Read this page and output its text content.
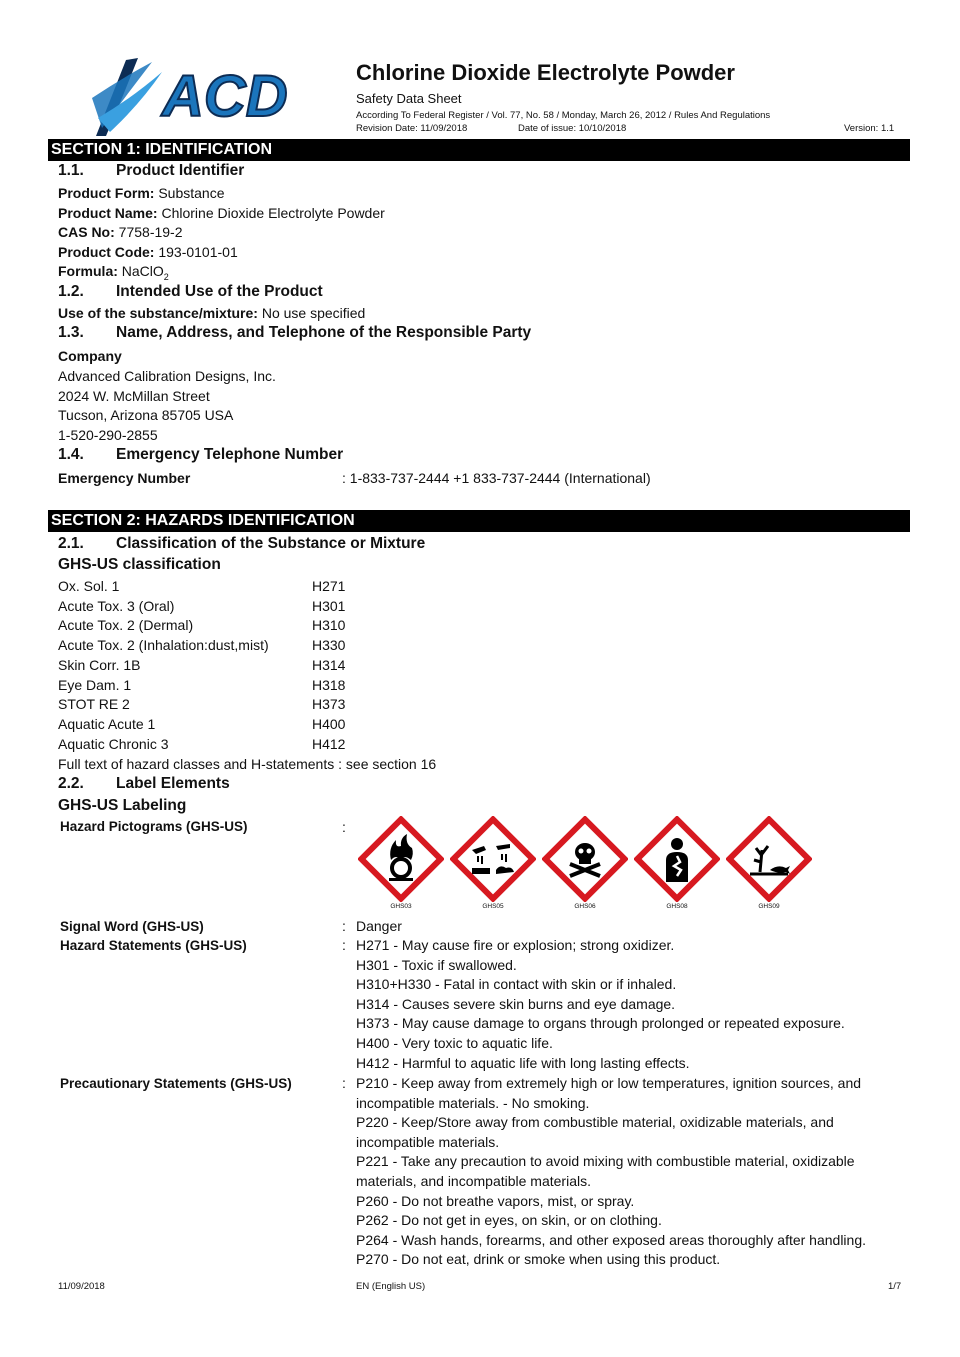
ACD	Chlorine Dioxide Electrolyte Powder
Safety Data Sheet
According To Federal Register / Vol. 77, No. 58 / Monday, March 26, 2012 / Rules And Regulations
Revision Date: 11/09/2018	Date of issue: 10/10/2018	Version: 1.1
SECTION 1: IDENTIFICATION
1.1. Product Identifier
Product Form: Substance
Product Name: Chlorine Dioxide Electrolyte Powder
CAS No: 7758-19-2
Product Code: 193-0101-01
Formula: NaClO$_2$
1.2. Intended Use of the Product
Use of the substance/mixture: No use specified
1.3. Name, Address, and Telephone of the Responsible Party
Company
Advanced Calibration Designs, Inc.
2024 W. McMillan Street
Tucson, Arizona 85705 USA
1-520-290-2855
1.4. Emergency Telephone Number
Emergency Number	: 1-833-737-2444 +1 833-737-2444 (International)
SECTION 2: HAZARDS IDENTIFICATION
2.1. Classification of the Substance or Mixture
GHS-US classification
Ox. Sol. 1	H271
Acute Tox. 3 (Oral)	H301
Acute Tox. 2 (Dermal)	H310
Acute Tox. 2 (Inhalation:dust,mist)	H330
Skin Corr. 1B	H314
Eye Dam. 1	H318
STOT RE 2	H373
Aquatic Acute 1	H400
Aquatic Chronic 3	H412
Full text of hazard classes and H-statements : see section 16
2.2. Label Elements
GHS-US Labeling
Hazard Pictograms (GHS-US)	:
GHS03	GHS05	GHS06	GHS08	GHS09
Signal Word (GHS-US)	: Danger
Hazard Statements (GHS-US)	: H271 - May cause fire or explosion; strong oxidizer.
H301 - Toxic if swallowed.
H310+H330 - Fatal in contact with skin or if inhaled.
H314 - Causes severe skin burns and eye damage.
H373 - May cause damage to organs through prolonged or repeated exposure.
H400 - Very toxic to aquatic life.
H412 - Harmful to aquatic life with long lasting effects.
Precautionary Statements (GHS-US)	: P210 - Keep away from extremely high or low temperatures, ignition sources, and
incompatible materials. - No smoking.
P220 - Keep/Store away from combustible material, oxidizable materials, and
incompatible materials.
P221 - Take any precaution to avoid mixing with combustible material, oxidizable
materials, and incompatible materials.
P260 - Do not breathe vapors, mist, or spray.
P262 - Do not get in eyes, on skin, or on clothing.
P264 - Wash hands, forearms, and other exposed areas thoroughly after handling.
P270 - Do not eat, drink or smoke when using this product.
11/09/2018	EN (English US)	1/7
